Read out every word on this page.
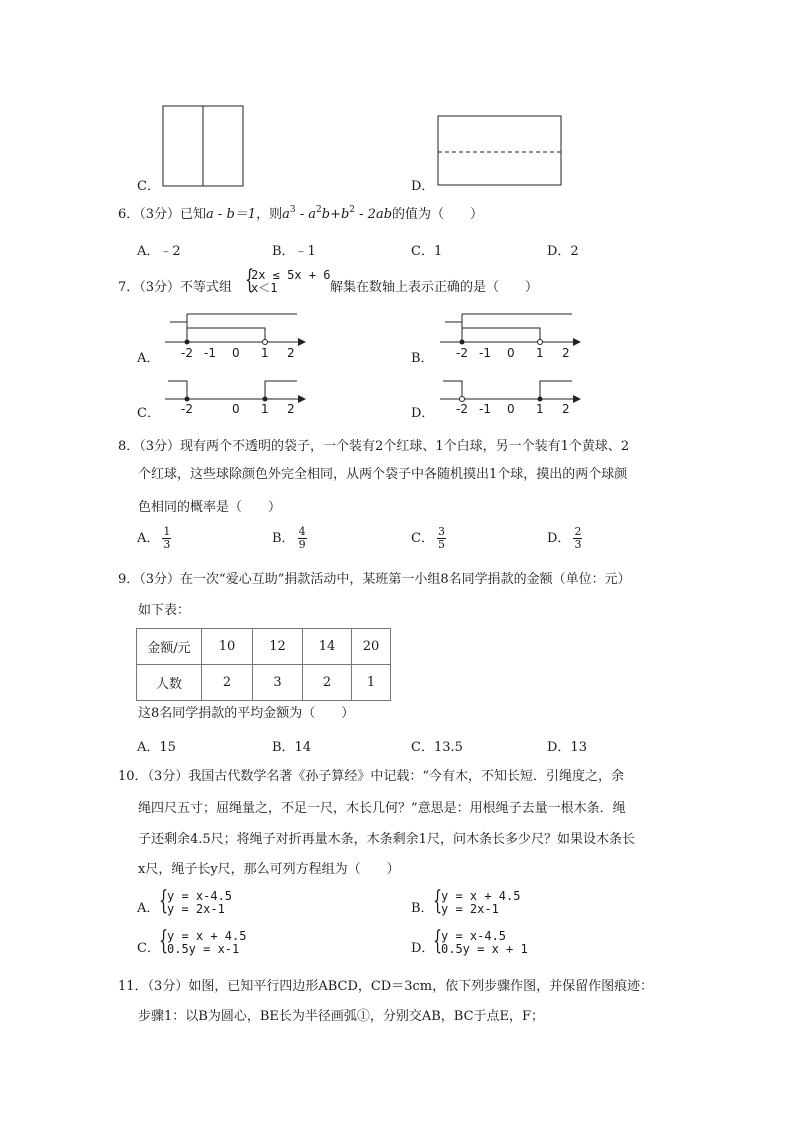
C．	D．
6．（3分）已知a - b＝1，则$a^3 - a^2b+b^2 - 2ab$的值为（　　）
A．﹣2	B．﹣1	C．1	D．2
7．（3分）不等式组 {
2x ≤ 5x + 6
x＜1	解集在数轴上表示正确的是（　　）
A． -2 -1 0 1 2	B． -2 -1 0 1 2
C． -2	0 1 2	D． -2 -1 0 1 2
8．（3分）现有两个不透明的袋子，一个装有2个红球、1个白球，另一个装有1个黄球、2
个红球，这些球除颜色外完全相同，从两个袋子中各随机摸出1个球，摸出的两个球颜
色相同的概率是（　　）
A． $\frac{1}{3}$	B． $\frac{4}{9}$	C． $\frac{3}{5}$	D． $\frac{2}{3}$
9．（3分）在一次“爱心互助”捐款活动中，某班第一小组8名同学捐款的金额（单位：元）
如下表：
金额/元	10	12	14	20
人数	2	3	2	1
这8名同学捐款的平均金额为（　　）
A．15	B．14	C．13.5	D．13
10．（3分）我国古代数学名著《孙子算经》中记载：“今有木，不知长短．引绳度之，余
绳四尺五寸；屈绳量之，不足一尺，木长几何？”意思是：用根绳子去量一根木条．绳
子还剩余4.5尺；将绳子对折再量木条，木条剩余1尺，问木条长多少尺？如果设木条长
x尺，绳子长y尺，那么可列方程组为（　　）
A． {
y = x-4.5
y = 2x-1	B． {
y = x + 4.5
y = 2x-1
C． {
y = x + 4.5
0.5y = x-1	D．
{
y = x-4.5
0.5y = x + 1
11．（3分）如图，已知平行四边形ABCD，CD＝3cm，依下列步骤作图，并保留作图痕迹：
步骤1：以B为圆心，BE长为半径画弧①，分别交AB，BC于点E，F；
